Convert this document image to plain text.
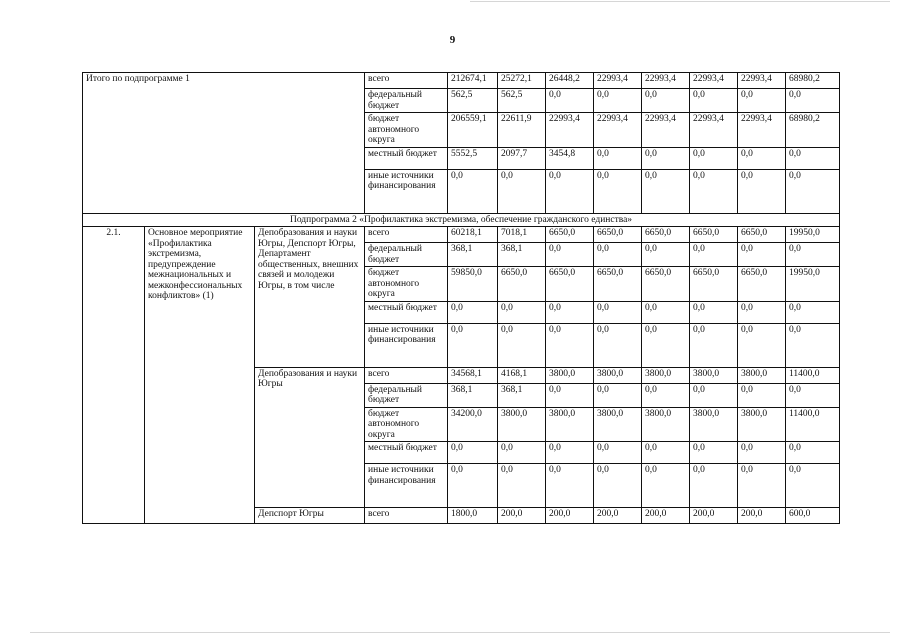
9
Итого по подпрограмме 1			всего	212674,1	25272,1	26448,2	22993,4	22993,4	22993,4	22993,4	68980,2
			федеральный бюджет	562,5	562,5	0,0	0,0	0,0	0,0	0,0	0,0
			бюджет автономного округа	206559,1	22611,9	22993,4	22993,4	22993,4	22993,4	22993,4	68980,2
			местный бюджет	5552,5	2097,7	3454,8	0,0	0,0	0,0	0,0	0,0
			иные источники финансирования	0,0	0,0	0,0	0,0	0,0	0,0	0,0	0,0
Подпрограмма 2 «Профилактика экстремизма, обеспечение гражданского единства»											
2.1.	Основное мероприятие «Профилактика экстремизма, предупреждение межнациональных и межконфессиональных конфликтов» (1)	Депобразования и науки Югры, Депспорт Югры, Департамент общественных, внешних связей и молодежи Югры, в том числе	всего	60218,1	7018,1	6650,0	6650,0	6650,0	6650,0	6650,0	19950,0
			федеральный бюджет	368,1	368,1	0,0	0,0	0,0	0,0	0,0	0,0
			бюджет автономного округа	59850,0	6650,0	6650,0	6650,0	6650,0	6650,0	6650,0	19950,0
			местный бюджет	0,0	0,0	0,0	0,0	0,0	0,0	0,0	0,0
			иные источники финансирования	0,0	0,0	0,0	0,0	0,0	0,0	0,0	0,0
		Депобразования и науки Югры	всего	34568,1	4168,1	3800,0	3800,0	3800,0	3800,0	3800,0	11400,0
			федеральный бюджет	368,1	368,1	0,0	0,0	0,0	0,0	0,0	0,0
			бюджет автономного округа	34200,0	3800,0	3800,0	3800,0	3800,0	3800,0	3800,0	11400,0
			местный бюджет	0,0	0,0	0,0	0,0	0,0	0,0	0,0	0,0
			иные источники финансирования	0,0	0,0	0,0	0,0	0,0	0,0	0,0	0,0
		Депспорт Югры	всего	1800,0	200,0	200,0	200,0	200,0	200,0	200,0	600,0
